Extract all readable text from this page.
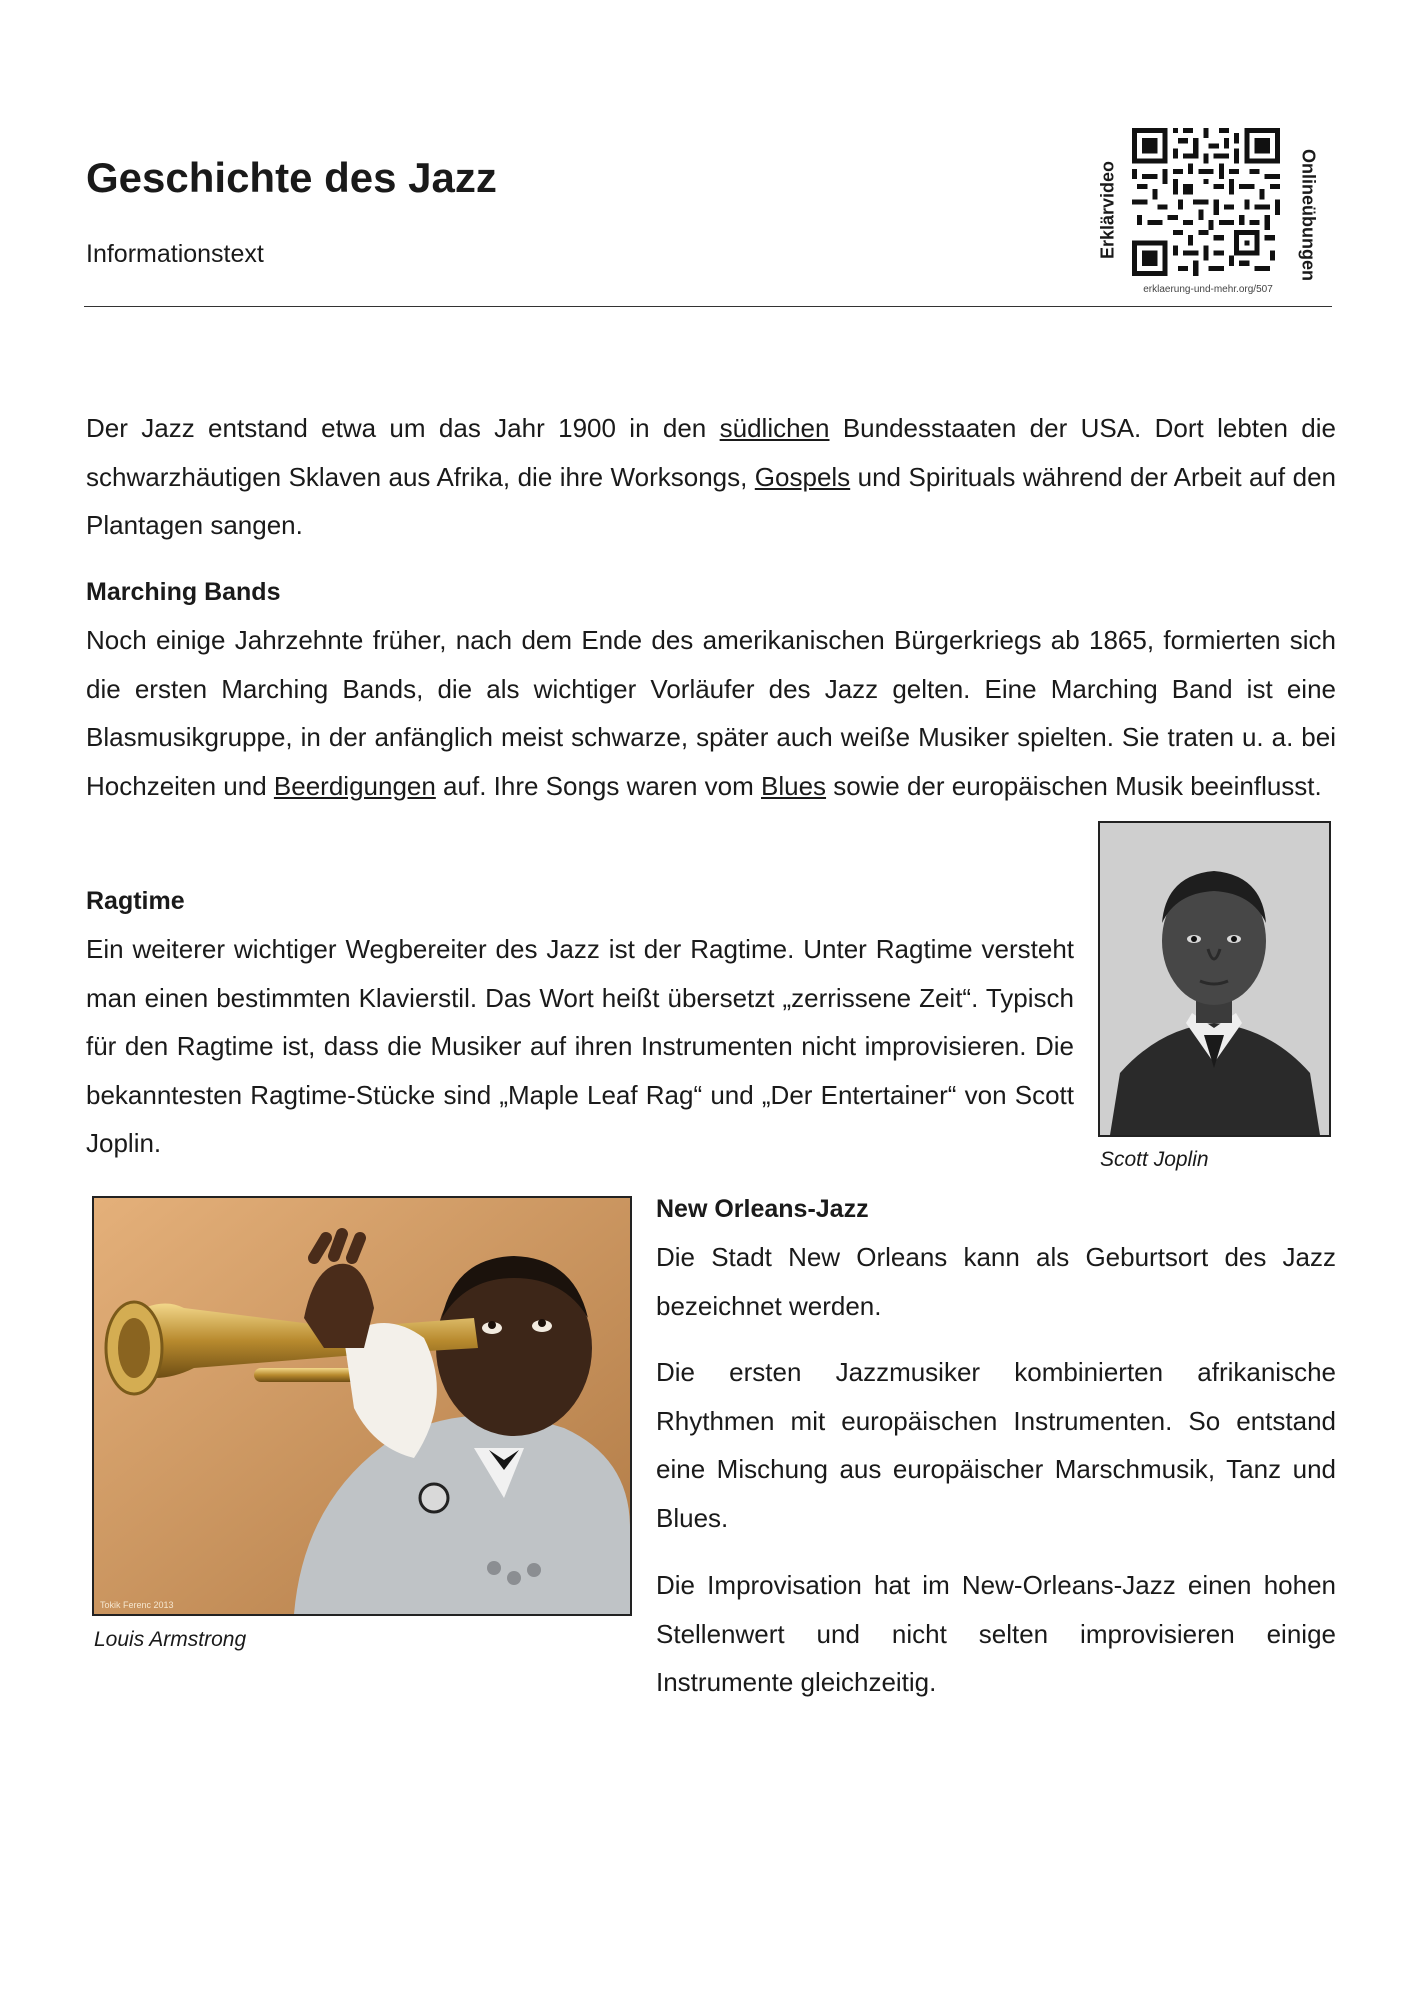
Geschichte des Jazz
Informationstext	Erklärvideo	Onlineübungen
erklaerung-und-mehr.org/507

Der Jazz entstand etwa um das Jahr 1900 in den südlichen Bundesstaaten der USA. Dort lebten die schwarzhäutigen Sklaven aus Afrika, die ihre Worksongs, Gospels und Spirituals während der Arbeit auf den Plantagen sangen.

Marching Bands

Noch einige Jahrzehnte früher, nach dem Ende des amerikanischen Bürgerkriegs ab 1865, formierten sich die ersten Marching Bands, die als wichtiger Vorläufer des Jazz gelten. Eine Marching Band ist eine Blasmusikgruppe, in der anfänglich meist schwarze, später auch weiße Musiker spielten. Sie traten u. a. bei Hochzeiten und Beerdigungen auf. Ihre Songs waren vom Blues sowie der europäischen Musik beeinflusst.

Ragtime

Ein weiterer wichtiger Wegbereiter des Jazz ist der Ragtime. Unter Ragtime versteht man einen bestimmten Klavierstil. Das Wort heißt übersetzt „zerrissene Zeit“. Typisch für den Ragtime ist, dass die Musiker auf ihren Instrumenten nicht improvisieren. Die bekanntesten Ragtime-Stücke sind „Maple Leaf Rag“ und „Der Entertainer“ von Scott Joplin.

Scott Joplin
Tokik Ferenc 2013
Louis Armstrong
New Orleans-Jazz

Die Stadt New Orleans kann als Geburtsort des Jazz bezeichnet werden.

Die ersten Jazzmusiker kombinierten afrikanische Rhythmen mit europäischen Instrumenten. So entstand eine Mischung aus europäischer Marschmusik, Tanz und Blues.

Die Improvisation hat im New-Orleans-Jazz einen hohen Stellenwert und nicht selten improvisieren einige Instrumente gleichzeitig.
